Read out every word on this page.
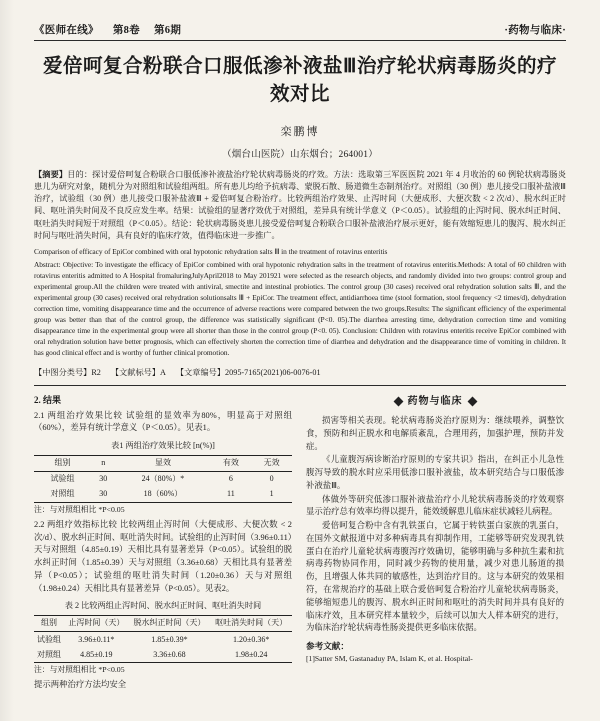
《医师在线》 第8卷 第6期	·药物与临床·
爱倍呵复合粉联合口服低渗补液盐Ⅲ治疗轮状病毒肠炎的疗效对比
栾鹏博
（烟台山医院）山东烟台；264001）
【摘要】目的：探讨爱倍呵复合粉联合口服低渗补液盐治疗轮状病毒肠炎的疗效。方法：选取第三军医医院 2021 年 4 月收治的 60 例轮状病毒肠炎患儿为研究对象，随机分为对照组和试验组两组。所有患儿均给予抗病毒、蒙脱石散、肠道微生态制剂治疗。对照组（30 例）患儿接受口服补盐液Ⅲ治疗，试验组（30 例）患儿接受口服补盐液Ⅲ + 爱倍呵复合粉治疗。比较两组治疗效果、止泻时间（大便成形、大便次数 < 2 次/d）、脱水纠正时间、呕吐消失时间及不良反应发生率。结果：试验组的显著疗效优于对照组，差异具有统计学意义（P＜0.05）。试验组的止泻时间、脱水纠正时间、呕吐消失时间短于对照组（P＜0.05）。结论：轮状病毒肠炎患儿接受爱倍呵复合粉联合口服补盐液治疗展示更好，能有效缩短患儿的腹泻、脱水纠正时间与呕吐消失时间，具有良好的临床疗效，值得临床进一步推广。
Comparison of efficacy of EpiCor combined with oral hypotonic rehydration salts Ⅲ in the treatment of rotavirus enteritis
Abstract: Objective: To investigate the efficacy of EpiCor combined with oral hypotonic rehydration salts in the treatment of rotavirus enteritis.Methods: A total of 60 children with rotavirus enteritis admitted to A Hospital fromaluringJulyApril2018 to May 201921 were selected as the research objects, and randomly divided into two groups: control group and experimental group.All the children were treated with antiviral, smectite and intestinal probiotics. The control group (30 cases) received oral rehydration solution salts Ⅲ, and the experimental group (30 cases) received oral rehydration solutionsalts Ⅲ + EpiCor. The treatment effect, antidiarrhoea time (stool formation, stool frequency <2 times/d), dehydration correction time, vomiting disappearance time and the occurrence of adverse reactions were compared between the two groups.Results: The significant efficiency of the experimental group was better than that of the control group, the difference was statistically significant (P<0. 05).The diarrhea arresting time, dehydration correction time and vomiting disappearance time in the experimental group were all shorter than those in the control group (P<0. 05). Conclusion: Children with rotavirus enteritis receive EpiCor combined with oral rehydration solution have better prognosis, which can effectively shorten the correction time of diarrhea and dehydration and the disappearance time of vomiting in children. It has good clinical effect and is worthy of further clinical promotion.
【中图分类号】R2 【文献标号】A 【文章编号】2095-7165(2021)06-0076-01
2. 结果

2.1 两组治疗效果比较 试验组的显效率为80%，明显高于对照组（60%），差异有统计学意义（P＜0.05）。见表1。

表1 两组治疗效果比较 [n(%)]
组别	n	显效	有效	无效
试验组	30	24（80%）*	6	0
对照组	30	18（60%）	11	1
注：与对照组相比 *P<0.05

2.2 两组疗效指标比较 比较两组止泻时间（大便成形、大便次数 < 2次/d）、脱水纠正时间、呕吐消失时间。试验组的止泻时间（3.96±0.11）天与对照组（4.85±0.19）天相比具有显著差异（P<0.05）。试验组的脱水纠正时间（1.85±0.39）天与对照组（3.36±0.68）天相比具有显著差异（P<0.05）；试验组的呕吐消失时间（1.20±0.36）天与对照组（1.98±0.24）天相比具有显著差异（P<0.05）。见表2。

表 2 比较两组止泻时间、脱水纠正时间、呕吐消失时间
组别	止泻时间（天）	脱水纠正时间（天）	呕吐消失时间（天）
试验组	3.96±0.11*	1.85±0.39*	1.20±0.36*
对照组	4.85±0.19	3.36±0.68	1.98±0.24
注：与对照组相比 *P<0.05

提示两种治疗方法均安全

药物与临床

损害等相关表现。轮状病毒肠炎治疗原则为：继续喂养，调整饮食，预防和纠正脱水和电解质紊乱，合理用药，加强护理，预防并发症。

《儿童腹泻病诊断治疗原则的专家共识》指出，在纠正小儿急性腹泻导致的脱水时应采用低渗口服补液盐，故本研究结合与口服低渗补液盐Ⅲ。

体做外等研究低渗口服补液盐治疗小儿轮状病毒肠炎的疗效观察显示治疗总有效率均得以提升，能效缓解患儿临床症状减轻儿病程。

爱倍呵复合粉中含有乳铁蛋白，它属于转铁蛋白家族的乳蛋白，在国外文献报道中对多种病毒具有抑制作用，工能够等研究发现乳铁蛋白在治疗儿童轮状病毒腹泻疗效确切，能够明确与多种抗生素和抗病毒药物协同作用，同时减少药物的使用量，减少对患儿肠道的损伤，且增强人体共同的敏感性，达到治疗目的。这与本研究的效果相符，在常规治疗的基础上联合爱倍呵复合粉治疗儿童轮状病毒肠炎，能够缩短患儿的腹泻、脱水纠正时间和呕吐的消失时间并具有良好的临床疗效，且本研究样本量较少，后续可以加大人样本研究的进行，为临床治疗轮状病毒性肠炎提供更多临床依据。

参考文献：
[1]Satter SM, Gastanaduy PA, Islam K, et al. Hospital-
